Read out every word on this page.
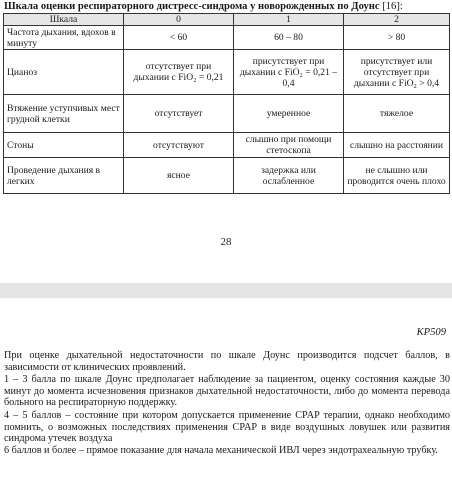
Шкала оценки респираторного дистресс-синдрома у новорожденных по Доунс [16]:
Шкала	0	1	2
Частота дыхания, вдохов в минуту	< 60	60 – 80	> 80
Цианоз	отсутствует при дыхании с FiO₂ = 0,21	присутствует при дыхании с FiO₂ = 0,21 – 0,4	присутствует или отсутствует при дыхании с FiO₂ > 0,4
Втяжение уступчивых мест грудной клетки	отсутствует	умеренное	тяжелое
Стоны	отсутствуют	слышно при помощи стетоскопа	слышно на расстоянии
Проведение дыхания в легких	ясное	задержка или ослабленное	не слышно или проводится очень плохо
28
КР509
При оценке дыхательной недостаточности по шкале Доунс производится подсчет баллов, в зависимости от клинических проявлений.
1 – 3 балла по шкале Доунс предполагает наблюдение за пациентом, оценку состояния каждые 30 минут до момента исчезновения признаков дыхательной недостаточности, либо до момента перевода больного на респираторную поддержку.
4 – 5 баллов – состояние при котором допускается применение CPAP терапии, однако необходимо помнить, о возможных последствиях применения CPAP в виде воздушных ловушек или развития синдрома утечек воздуха
6 баллов и более – прямое показание для начала механической ИВЛ через эндотрахеальную трубку.
